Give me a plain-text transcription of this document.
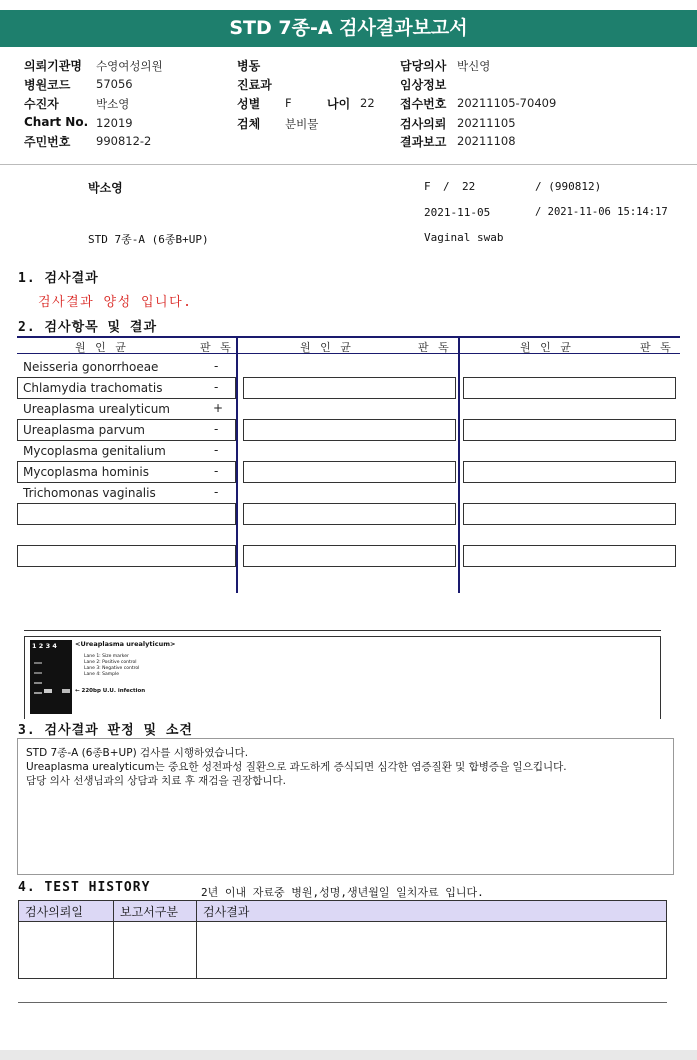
STD 7종-A 검사결과보고서
의뢰기관명 수영여성의원
병원코드 57056
수진자	박소영
Chart No. 12019
주민번호 990812-2
병동
진료과
성별 F	나이 22
검체 분비물
담당의사 박신영
임상정보
접수번호 20211105-70409
검사의뢰 20211105
결과보고 20211108
박소영	F / 22	/ (990812)
2021-11-05	/ 2021-11-06 15:14:17
STD 7종-A (6종B+UP)	Vaginal swab
1. 검사결과
검사결과 양성 입니다.
2. 검사항목 및 결과
원 인 균	판 독	원 인 균	판 독	원 인 균	판 독
Neisseria gonorrhoeae	-
Chlamydia trachomatis	-
Ureaplasma urealyticum	+
Ureaplasma parvum	-
Mycoplasma genitalium	-
Mycoplasma hominis	-
Trichomonas vaginalis	-
1 2 3 4	<Ureaplasma urealyticum>
Lane 1: Size marker
Lane 2: Positive control
Lane 3: Negative control
Lane 4: Sample
← 220bp U.U. infection
3. 검사결과 판정 및 소견
STD 7종-A (6종B+UP) 검사를 시행하였습니다.
Ureaplasma urealyticum는 중요한 성전파성 질환으로 과도하게 증식되면 심각한 염증질환 및 합병증을 일으킵니다.
담당 의사 선생님과의 상담과 치료 후 재검을 권장합니다.
4. TEST HISTORY	2년 이내 자료중 병원,성명,생년월일 일치자료 입니다.
검사의뢰일	보고서구분	검사결과
